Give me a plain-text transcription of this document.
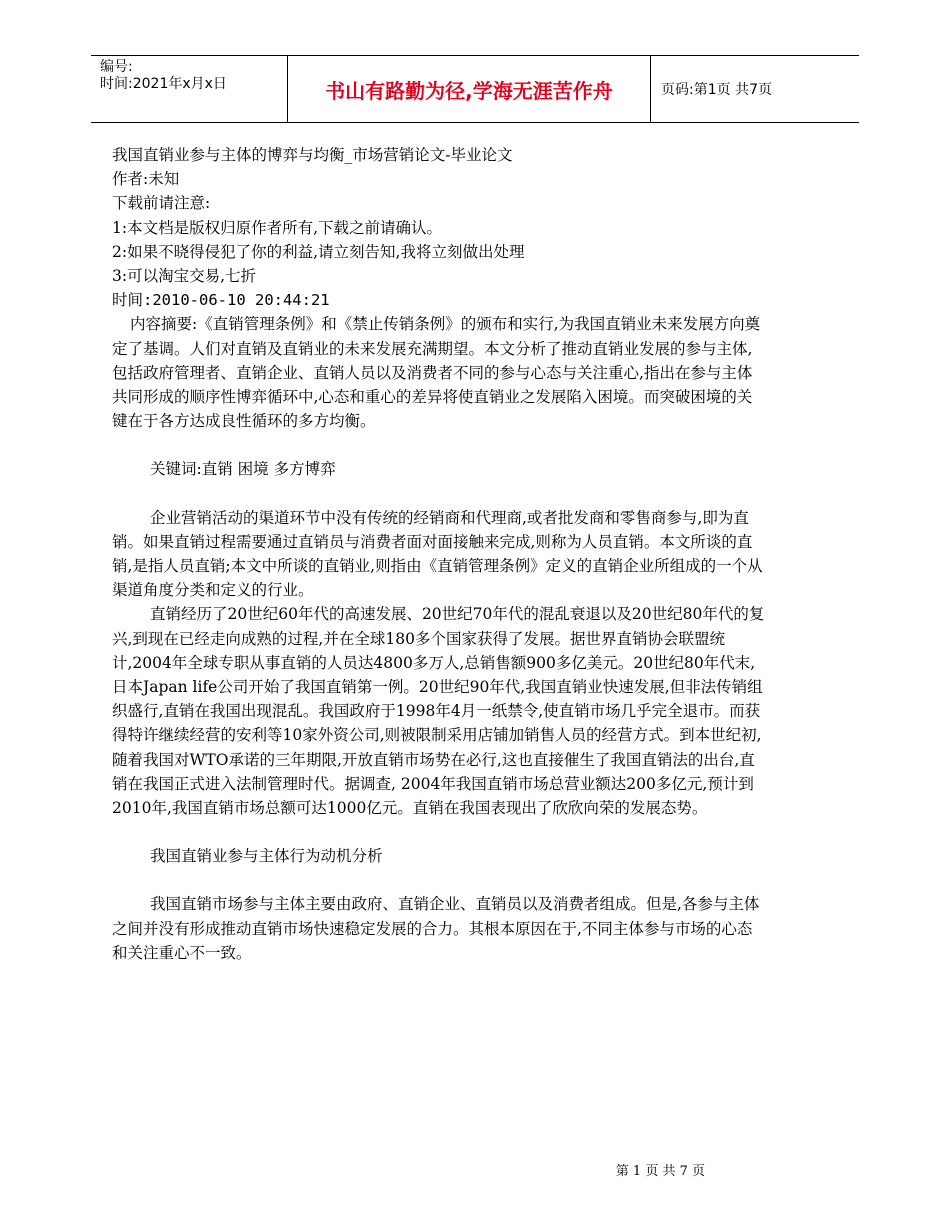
编号:
时间:2021年x月x日	书山有路勤为径,学海无涯苦作舟	页码:第1页 共7页

我国直销业参与主体的博弈与均衡_市场营销论文-毕业论文

作者:未知

下载前请注意:

1:本文档是版权归原作者所有,下载之前请确认。

2:如果不晓得侵犯了你的利益,请立刻告知,我将立刻做出处理

3:可以淘宝交易,七折

时间:2010-06-10 20:44:21

内容摘要:《直销管理条例》和《禁止传销条例》的颁布和实行,为我国直销业未来发展方向奠定了基调。人们对直销及直销业的未来发展充满期望。本文分析了推动直销业发展的参与主体,包括政府管理者、直销企业、直销人员以及消费者不同的参与心态与关注重心,指出在参与主体共同形成的顺序性博弈循环中,心态和重心的差异将使直销业之发展陷入困境。而突破困境的关键在于各方达成良性循环的多方均衡。

关键词:直销 困境 多方博弈

企业营销活动的渠道环节中没有传统的经销商和代理商,或者批发商和零售商参与,即为直销。如果直销过程需要通过直销员与消费者面对面接触来完成,则称为人员直销。本文所谈的直销,是指人员直销;本文中所谈的直销业,则指由《直销管理条例》定义的直销企业所组成的一个从渠道角度分类和定义的行业。

直销经历了20世纪60年代的高速发展、20世纪70年代的混乱衰退以及20世纪80年代的复兴,到现在已经走向成熟的过程,并在全球180多个国家获得了发展。据世界直销协会联盟统计,2004年全球专职从事直销的人员达4800多万人,总销售额900多亿美元。20世纪80年代末,日本Japan life公司开始了我国直销第一例。20世纪90年代,我国直销业快速发展,但非法传销组织盛行,直销在我国出现混乱。我国政府于1998年4月一纸禁令,使直销市场几乎完全退市。而获得特许继续经营的安利等10家外资公司,则被限制采用店铺加销售人员的经营方式。到本世纪初,随着我国对WTO承诺的三年期限,开放直销市场势在必行,这也直接催生了我国直销法的出台,直销在我国正式进入法制管理时代。据调查, 2004年我国直销市场总营业额达200多亿元,预计到2010年,我国直销市场总额可达1000亿元。直销在我国表现出了欣欣向荣的发展态势。

我国直销业参与主体行为动机分析

我国直销市场参与主体主要由政府、直销企业、直销员以及消费者组成。但是,各参与主体之间并没有形成推动直销市场快速稳定发展的合力。其根本原因在于,不同主体参与市场的心态和关注重心不一致。

第 1 页 共 7 页
